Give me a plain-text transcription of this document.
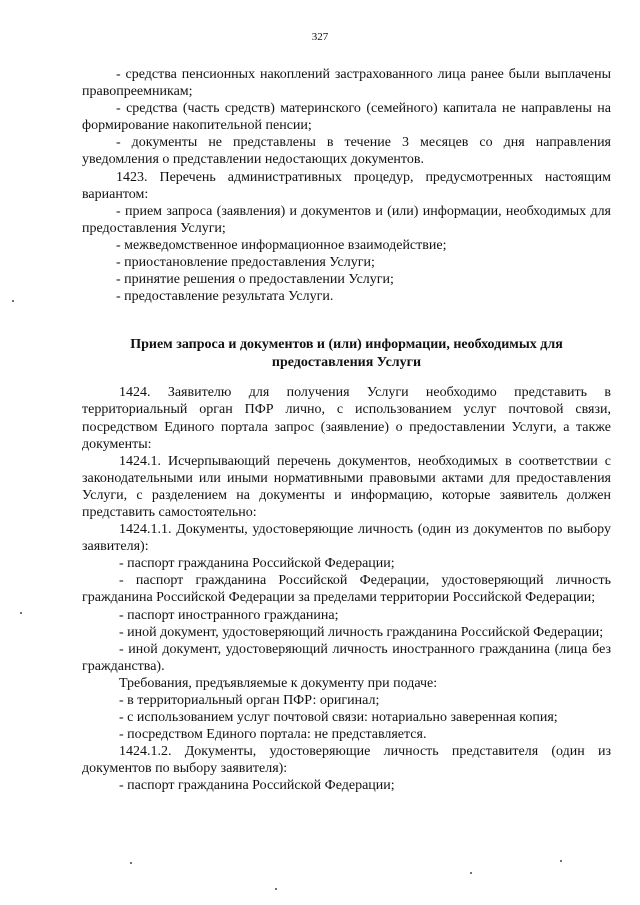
327

- средства пенсионных накоплений застрахованного лица ранее были выплачены правопреемникам;

- средства (часть средств) материнского (семейного) капитала не направлены на формирование накопительной пенсии;

- документы не представлены в течение 3 месяцев со дня направления уведомления о представлении недостающих документов.

1423. Перечень административных процедур, предусмотренных настоящим вариантом:

- прием запроса (заявления) и документов и (или) информации, необходимых для предоставления Услуги;

- межведомственное информационное взаимодействие;

- приостановление предоставления Услуги;

- принятие решения о предоставлении Услуги;

- предоставление результата Услуги.

Прием запроса и документов и (или) информации, необходимых для предоставления Услуги

1424. Заявителю для получения Услуги необходимо представить в территориальный орган ПФР лично, с использованием услуг почтовой связи, посредством Единого портала запрос (заявление) о предоставлении Услуги, а также документы:

1424.1. Исчерпывающий перечень документов, необходимых в соответствии с законодательными или иными нормативными правовыми актами для предоставления Услуги, с разделением на документы и информацию, которые заявитель должен представить самостоятельно:

1424.1.1. Документы, удостоверяющие личность (один из документов по выбору заявителя):

- паспорт гражданина Российской Федерации;

- паспорт гражданина Российской Федерации, удостоверяющий личность гражданина Российской Федерации за пределами территории Российской Федерации;

- паспорт иностранного гражданина;

- иной документ, удостоверяющий личность гражданина Российской Федерации;

- иной документ, удостоверяющий личность иностранного гражданина (лица без гражданства).

Требования, предъявляемые к документу при подаче:

- в территориальный орган ПФР: оригинал;

- с использованием услуг почтовой связи: нотариально заверенная копия;

- посредством Единого портала: не представляется.

1424.1.2. Документы, удостоверяющие личность представителя (один из документов по выбору заявителя):

- паспорт гражданина Российской Федерации;
